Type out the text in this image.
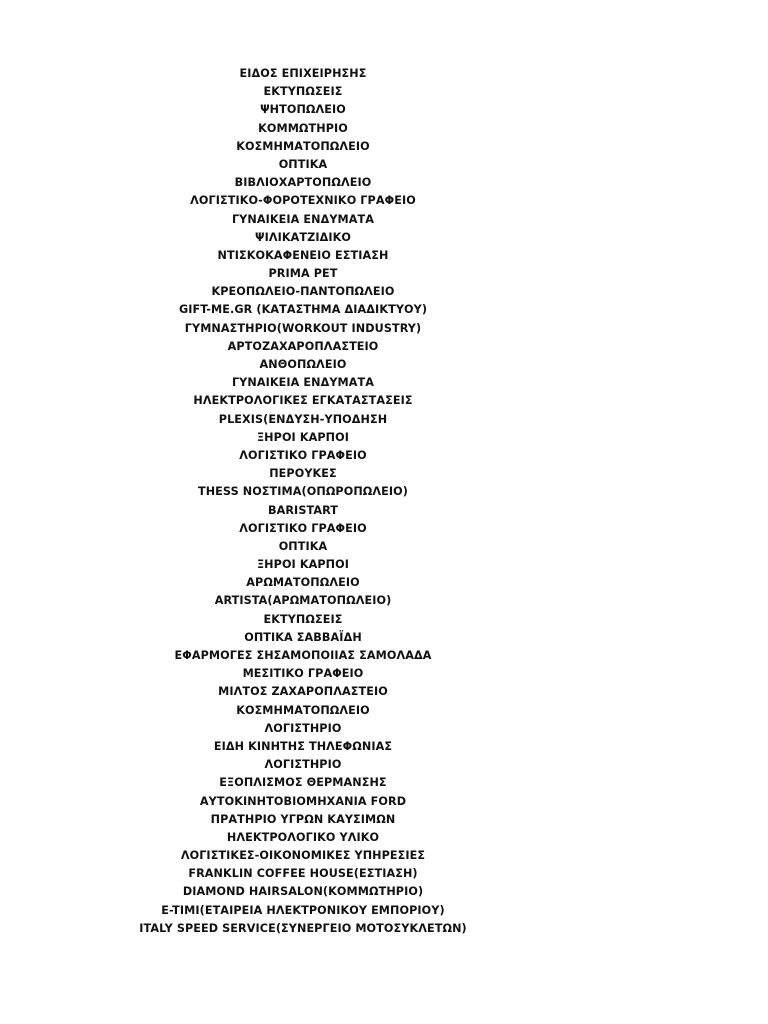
ΕΙΔΟΣ ΕΠΙΧΕΙΡΗΣΗΣ
ΕΚΤΥΠΩΣΕΙΣ
ΨΗΤΟΠΩΛΕΙΟ
ΚΟΜΜΩΤΗΡΙΟ
ΚΟΣΜΗΜΑΤΟΠΩΛΕΙΟ
ΟΠΤΙΚΑ
ΒΙΒΛΙΟΧΑΡΤΟΠΩΛΕΙΟ
ΛΟΓΙΣΤΙΚΟ-ΦΟΡΟΤΕΧΝΙΚΟ ΓΡΑΦΕΙΟ
ΓΥΝΑΙΚΕΙΑ ΕΝΔΥΜΑΤΑ
ΨΙΛΙΚΑΤΖΙΔΙΚΟ
ΝΤΙΣΚΟΚΑΦΕΝΕΙΟ ΕΣΤΙΑΣΗ
PRIMA PET
ΚΡΕΟΠΩΛΕΙΟ-ΠΑΝΤΟΠΩΛΕΙΟ
GIFT-ME.GR (ΚΑΤΑΣΤΗΜΑ ΔΙΑΔΙΚΤΥΟΥ)
ΓΥΜΝΑΣΤΗΡΙΟ(WORKOUT INDUSTRY)
ΑΡΤΟΖΑΧΑΡΟΠΛΑΣΤΕΙΟ
ΑΝΘΟΠΩΛΕΙΟ
ΓΥΝΑΙΚΕΙΑ ΕΝΔΥΜΑΤΑ
ΗΛΕΚΤΡΟΛΟΓΙΚΕΣ ΕΓΚΑΤΑΣΤΑΣΕΙΣ
PLEXIS(ΕΝΔΥΣΗ-ΥΠΟΔΗΣΗ
ΞΗΡΟΙ ΚΑΡΠΟΙ
ΛΟΓΙΣΤΙΚΟ ΓΡΑΦΕΙΟ
ΠΕΡΟΥΚΕΣ
THESS ΝΟΣΤΙΜΑ(ΟΠΩΡΟΠΩΛΕΙΟ)
BARISTART
ΛΟΓΙΣΤΙΚΟ ΓΡΑΦΕΙΟ
ΟΠΤΙΚΑ
ΞΗΡΟΙ ΚΑΡΠΟΙ
ΑΡΩΜΑΤΟΠΩΛΕΙΟ
ARTISTA(ΑΡΩΜΑΤΟΠΩΛΕΙΟ)
ΕΚΤΥΠΩΣΕΙΣ
ΟΠΤΙΚΑ ΣΑΒΒΑΪΔΗ
ΕΦΑΡΜΟΓΕΣ ΣΗΣΑΜΟΠΟΙΙΑΣ ΣΑΜΟΛΑΔΑ
ΜΕΣΙΤΙΚΟ ΓΡΑΦΕΙΟ
ΜΙΛΤΟΣ ΖΑΧΑΡΟΠΛΑΣΤΕΙΟ
ΚΟΣΜΗΜΑΤΟΠΩΛΕΙΟ
ΛΟΓΙΣΤΗΡΙΟ
ΕΙΔΗ ΚΙΝΗΤΗΣ ΤΗΛΕΦΩΝΙΑΣ
ΛΟΓΙΣΤΗΡΙΟ
ΕΞΟΠΛΙΣΜΟΣ ΘΕΡΜΑΝΣΗΣ
ΑΥΤΟΚΙΝΗΤΟΒΙΟΜΗΧΑΝΙΑ FORD
ΠΡΑΤΗΡΙΟ ΥΓΡΩΝ ΚΑΥΣΙΜΩΝ
ΗΛΕΚΤΡΟΛΟΓΙΚΟ ΥΛΙΚΟ
ΛΟΓΙΣΤΙΚΕΣ-ΟΙΚΟΝΟΜΙΚΕΣ ΥΠΗΡΕΣΙΕΣ
FRANKLIN COFFEE HOUSE(ΕΣΤΙΑΣΗ)
DIAMOND HAIRSALON(ΚΟΜΜΩΤΗΡΙΟ)
E-TIMI(ΕΤΑΙΡΕΙΑ ΗΛΕΚΤΡΟΝΙΚΟΥ ΕΜΠΟΡΙΟΥ)
ITALY SPEED SERVICE(ΣΥΝΕΡΓΕΙΟ ΜΟΤΟΣΥΚΛΕΤΩΝ)
